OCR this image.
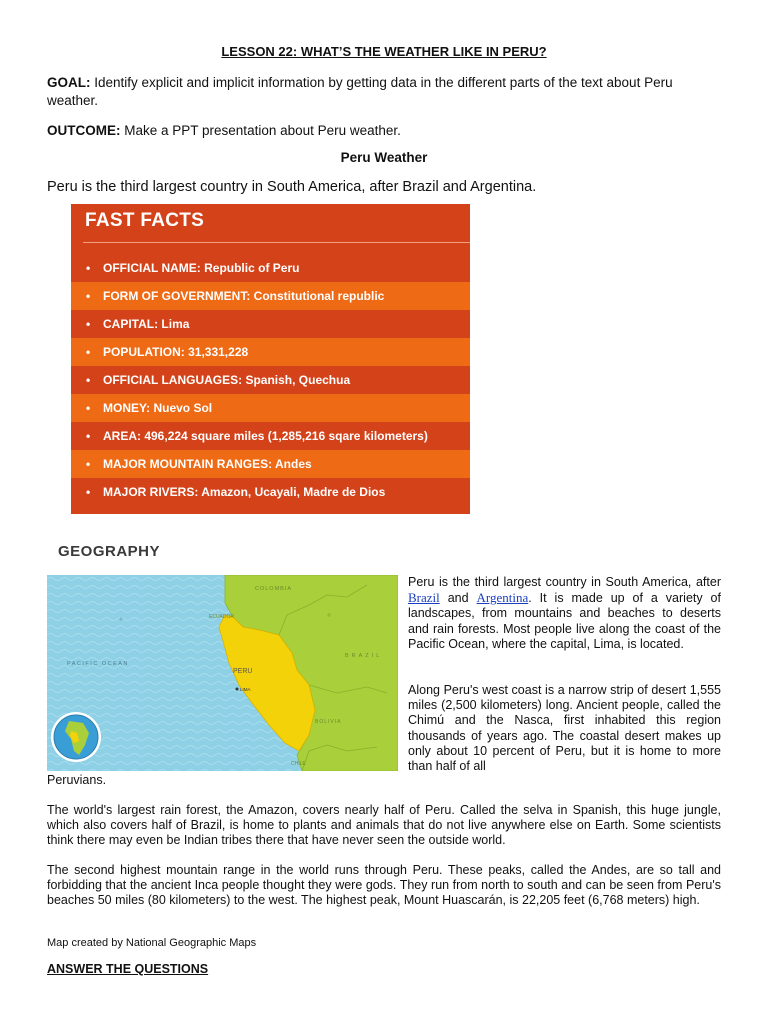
LESSON 22: WHAT’S THE WEATHER LIKE IN PERU?
GOAL: Identify explicit and implicit information by getting data in the different parts of the text about Peru weather.
OUTCOME: Make a PPT presentation about Peru weather.
Peru Weather
Peru is the third largest country in South America, after Brazil and Argentina.
FAST FACTS
• OFFICIAL NAME: Republic of Peru
• FORM OF GOVERNMENT: Constitutional republic
• CAPITAL: Lima
• POPULATION: 31,331,228
• OFFICIAL LANGUAGES: Spanish, Quechua
• MONEY: Nuevo Sol
• AREA: 496,224 square miles (1,285,216 sqare kilometers)
• MAJOR MOUNTAIN RANGES: Andes
• MAJOR RIVERS: Amazon, Ucayali, Madre de Dios
GEOGRAPHY
COLOMBIA
ECUADOR
BRAZIL
PERU
LIMA
PACIFIC OCEAN
BOLIVIA
CHILE
Peru is the third largest country in South America, after Brazil and Argentina. It is made up of a variety of landscapes, from mountains and beaches to deserts and rain forests. Most people live along the coast of the Pacific Ocean, where the capital, Lima, is located.
Along Peru's west coast is a narrow strip of desert 1,555 miles (2,500 kilometers) long. Ancient people, called the Chimú and the Nasca, first inhabited this region thousands of years ago. The coastal desert makes up only about 10 percent of Peru, but it is home to more than half of all
Peruvians.
The world's largest rain forest, the Amazon, covers nearly half of Peru. Called the selva in Spanish, this huge jungle, which also covers half of Brazil, is home to plants and animals that do not live anywhere else on Earth. Some scientists think there may even be Indian tribes there that have never seen the outside world.
The second highest mountain range in the world runs through Peru. These peaks, called the Andes, are so tall and forbidding that the ancient Inca people thought they were gods. They run from north to south and can be seen from Peru's beaches 50 miles (80 kilometers) to the west. The highest peak, Mount Huascarán, is 22,205 feet (6,768 meters) high.
Map created by National Geographic Maps
ANSWER THE QUESTIONS
